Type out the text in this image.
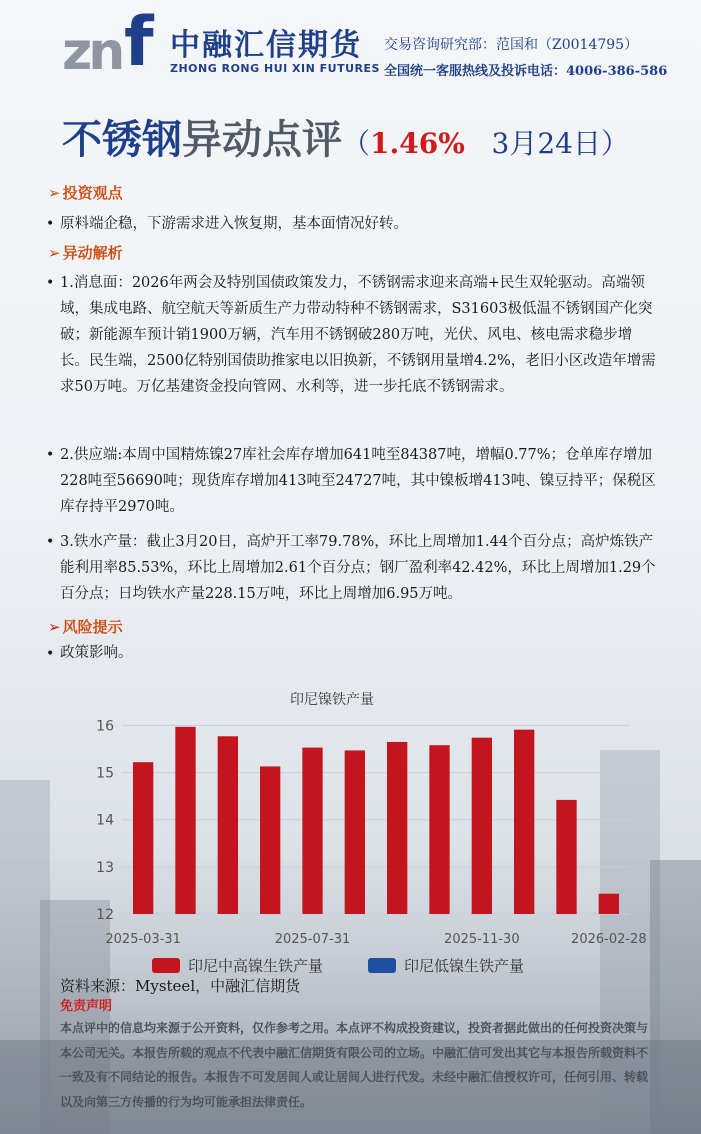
zn f 中融汇信期货
ZHONG RONG HUI XIN FUTURES
交易咨询研究部：范国和（Z0014795）
全国统一客服热线及投诉电话：4006-386-586
不锈钢异动点评（1.46% 3月24日）
➢ 投资观点
• 原料端企稳，下游需求进入恢复期，基本面情况好转。
➢ 异动解析
• 1.消息面：2026年两会及特别国债政策发力，不锈钢需求迎来高端+民生双轮驱动。高端领域，集成电路、航空航天等新质生产力带动特种不锈钢需求，S31603极低温不锈钢国产化突破；新能源车预计销1900万辆，汽车用不锈钢破280万吨，光伏、风电、核电需求稳步增长。民生端，2500亿特别国债助推家电以旧换新，不锈钢用量增4.2%，老旧小区改造年增需求50万吨。万亿基建资金投向管网、水利等，进一步托底不锈钢需求。
• 2.供应端:本周中国精炼镍27库社会库存增加641吨至84387吨，增幅0.77%；仓单库存增加228吨至56690吨；现货库存增加413吨至24727吨，其中镍板增413吨、镍豆持平；保税区库存持平2970吨。
• 3.铁水产量：截止3月20日，高炉开工率79.78%，环比上周增加1.44个百分点；高炉炼铁产能利用率85.53%，环比上周增加2.61个百分点；钢厂盈利率42.42%，环比上周增加1.29个百分点；日均铁水产量228.15万吨，环比上周增加6.95万吨。
➢ 风险提示
• 政策影响。
印尼镍铁产量
12
13
14
15
16
2025-03-31	2025-07-31	2025-11-30	2026-02-28
印尼中高镍生铁产量	印尼低镍生铁产量
资料来源：Mysteel，中融汇信期货
免责声明
本点评中的信息均来源于公开资料，仅作参考之用。本点评不构成投资建议，投资者据此做出的任何投资决策与本公司无关。本报告所载的观点不代表中融汇信期货有限公司的立场。中融汇信可发出其它与本报告所载资料不一致及有不同结论的报告。本报告不可发居间人或让居间人进行代发。未经中融汇信授权许可，任何引用、转载以及向第三方传播的行为均可能承担法律责任。
